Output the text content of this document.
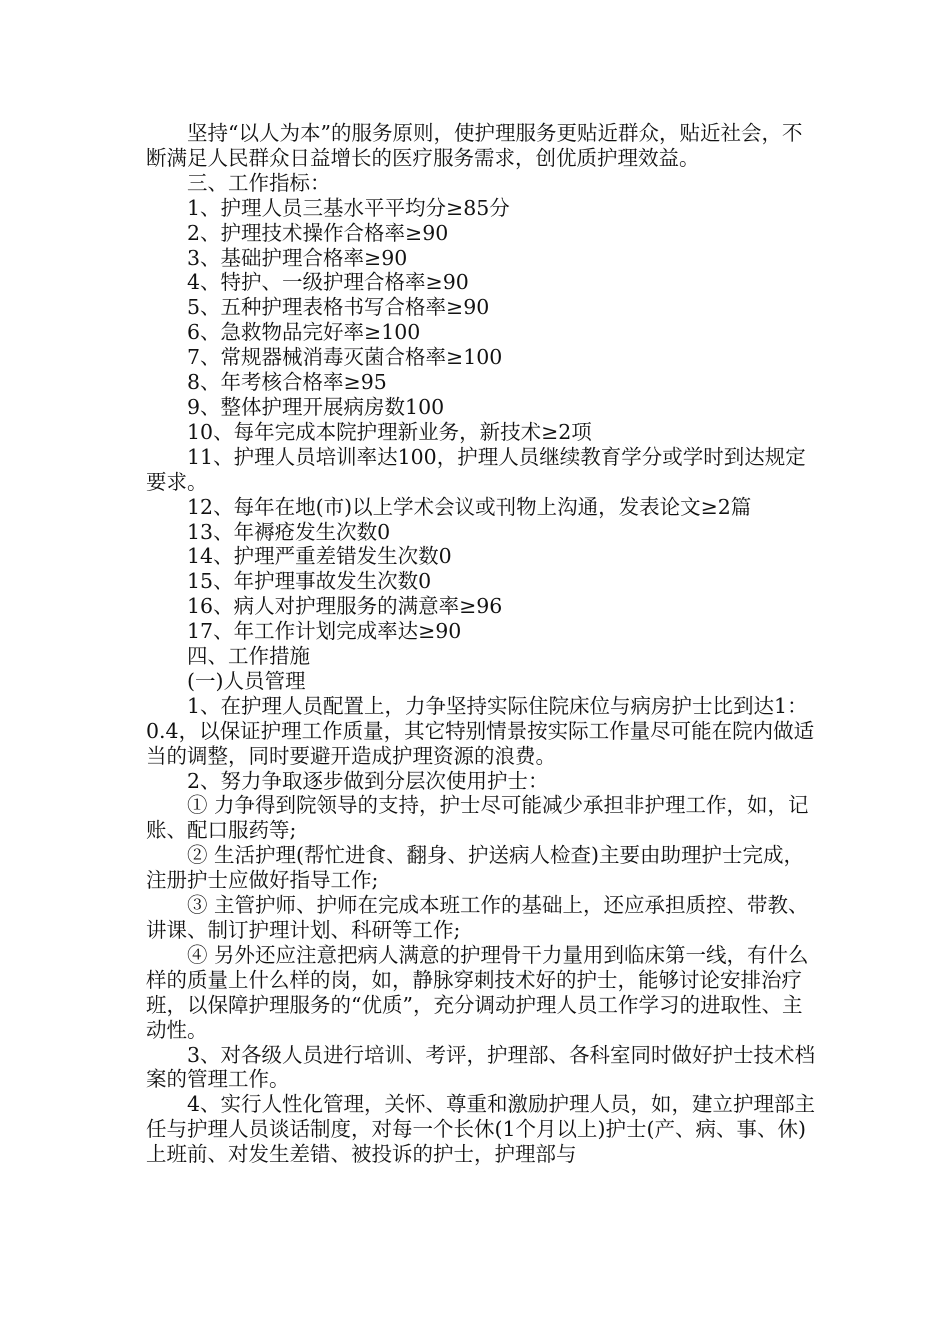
坚持“以人为本”的服务原则，使护理服务更贴近群众，贴近社会，不断满足人民群众日益增长的医疗服务需求，创优质护理效益。

三、工作指标：

1、护理人员三基水平平均分≥85分

2、护理技术操作合格率≥90

3、基础护理合格率≥90

4、特护、一级护理合格率≥90

5、五种护理表格书写合格率≥90

6、急救物品完好率≥100

7、常规器械消毒灭菌合格率≥100

8、年考核合格率≥95

9、整体护理开展病房数100

10、每年完成本院护理新业务，新技术≥2项

11、护理人员培训率达100，护理人员继续教育学分或学时到达规定要求。

12、每年在地(市)以上学术会议或刊物上沟通，发表论文≥2篇

13、年褥疮发生次数0

14、护理严重差错发生次数0

15、年护理事故发生次数0

16、病人对护理服务的满意率≥96

17、年工作计划完成率达≥90

四、工作措施

(一)人员管理

1、在护理人员配置上，力争坚持实际住院床位与病房护士比到达1：0.4，以保证护理工作质量，其它特别情景按实际工作量尽可能在院内做适当的调整，同时要避开造成护理资源的浪费。

2、努力争取逐步做到分层次使用护士：

① 力争得到院领导的支持，护士尽可能减少承担非护理工作，如，记账、配口服药等;

② 生活护理(帮忙进食、翻身、护送病人检查)主要由助理护士完成，注册护士应做好指导工作;

③ 主管护师、护师在完成本班工作的基础上，还应承担质控、带教、讲课、制订护理计划、科研等工作;

④ 另外还应注意把病人满意的护理骨干力量用到临床第一线，有什么样的质量上什么样的岗，如，静脉穿刺技术好的护士，能够讨论安排治疗班，以保障护理服务的“优质”，充分调动护理人员工作学习的进取性、主动性。

3、对各级人员进行培训、考评，护理部、各科室同时做好护士技术档案的管理工作。

4、实行人性化管理，关怀、尊重和激励护理人员，如，建立护理部主任与护理人员谈话制度，对每一个长休(1个月以上)护士(产、病、事、休)上班前、对发生差错、被投诉的护士，护理部与
